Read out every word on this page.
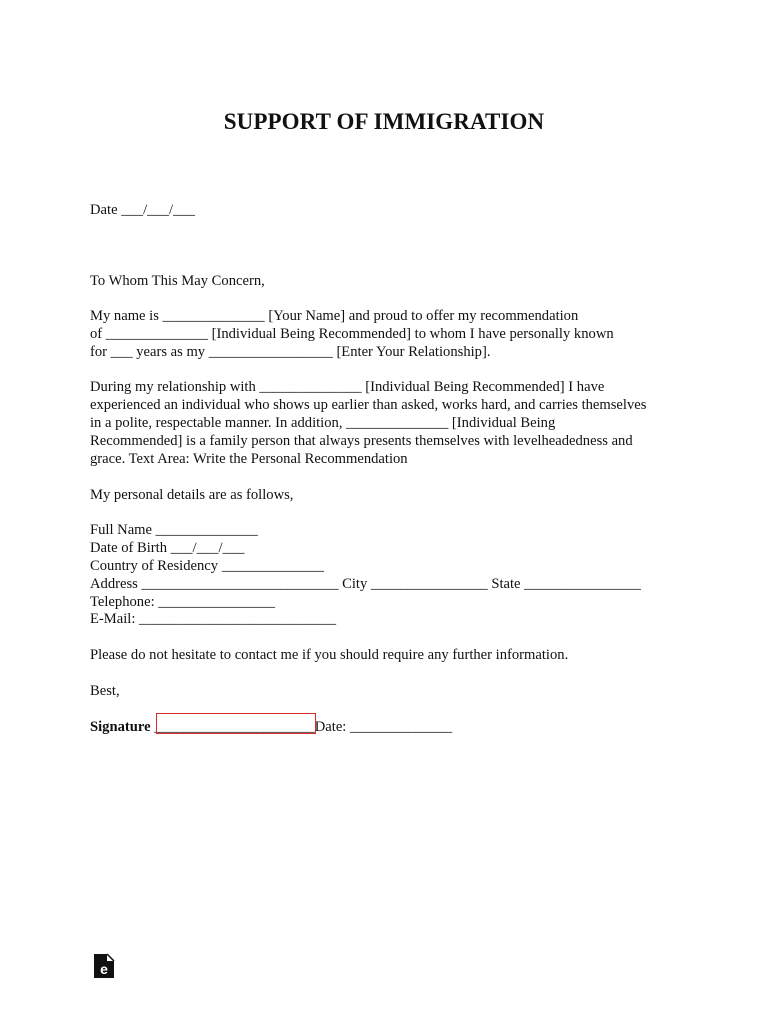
SUPPORT OF IMMIGRATION
Date ___/___/___
To Whom This May Concern,
My name is ______________ [Your Name] and proud to offer my recommendation
of ______________ [Individual Being Recommended] to whom I have personally known
for ___ years as my _________________ [Enter Your Relationship].
During my relationship with ______________ [Individual Being Recommended] I have
experienced an individual who shows up earlier than asked, works hard, and carries themselves
in a polite, respectable manner. In addition, ______________ [Individual Being
Recommended] is a family person that always presents themselves with levelheadedness and
grace. Text Area: Write the Personal Recommendation
My personal details are as follows,
Full Name ______________
Date of Birth ___/___/___
Country of Residency ______________
Address ___________________________ City ________________ State ________________
Telephone: ________________
E-Mail: ___________________________
Please do not hesitate to contact me if you should require any further information.
Best,
Signature ______________________Date: ______________
e
